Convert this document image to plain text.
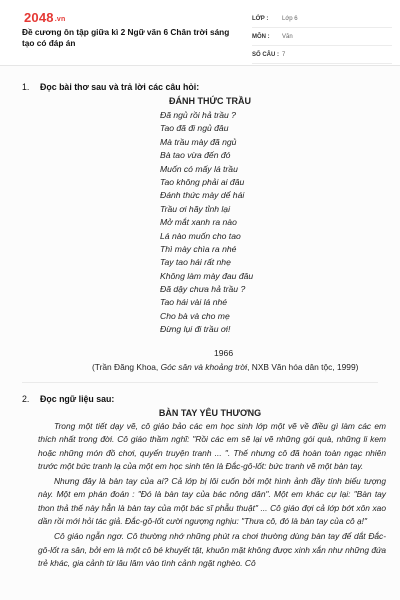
2048.vn
Đề cương ôn tập giữa kì 2 Ngữ văn 6 Chân trời sáng tạo có đáp án
LỚP :	Lớp 6
MÔN :	Văn
SỐ CÂU : 7
1.	Đọc bài thơ sau và trả lời các câu hỏi:
ĐÁNH THỨC TRẦU
Đã ngủ rồi hả trầu ?
Tao đã đi ngủ đâu
Mà trầu mày đã ngủ
Bà tao vừa đến đó
Muốn có mấy lá trầu
Tao không phải ai đâu
Đánh thức mày dể hái
Trầu ơi hãy tỉnh lại
Mở mắt xanh ra nào
Lá nào muốn cho tao
Thì mày chìa ra nhé
Tay tao hái rất nhẹ
Không làm mày đau đâu
Đã dậy chưa hả trầu ?
Tao hái vài lá nhé
Cho bà và cho mẹ
Đừng lụi đi trầu ơi!
1966
(Trần Đăng Khoa, Góc sân và khoảng trời, NXB Văn hóa dân tộc, 1999)
2.	Đọc ngữ liệu sau:
BÀN TAY YÊU THƯƠNG

Trong một tiết dạy vẽ, cô giáo bảo các em học sinh lớp một vẽ về điều gì làm các em thích nhất trong đời. Cô giáo thầm nghĩ: "Rồi các em sẽ lại vẽ những gói quà, những li kem hoặc những món đồ chơi, quyển truyện tranh ... ". Thế nhưng cô đã hoàn toàn ngạc nhiên trước một bức tranh lạ của một em học sinh tên là Đắc-gô-lốt: bức tranh vẽ một bàn tay.

Nhưng đây là bàn tay của ai? Cả lớp bị lôi cuốn bởi một hình ảnh đầy tính biểu tượng này. Một em phán đoán : "Đó là bàn tay của bác nông dân". Một em khác cự lại: "Bàn tay thon thả thế này hẳn là bàn tay của một bác sĩ phẫu thuật" ... Cô giáo đợi cả lớp bớt xôn xao dần rồi mới hỏi tác giả. Đắc-gô-lốt cười ngượng nghịu: "Thưa cô, đó là bàn tay của cô ạ!"

Cô giáo ngẫn ngơ. Cô thường nhớ những phút ra chơi thường dùng bàn tay để dắt Đắc-gô-lốt ra sân, bởi em là một cô bé khuyết tật, khuôn mặt không được xinh xắn như những đứa trẻ khác, gia cảnh từ lâu lâm vào tình cảnh ngặt nghèo. Cô
